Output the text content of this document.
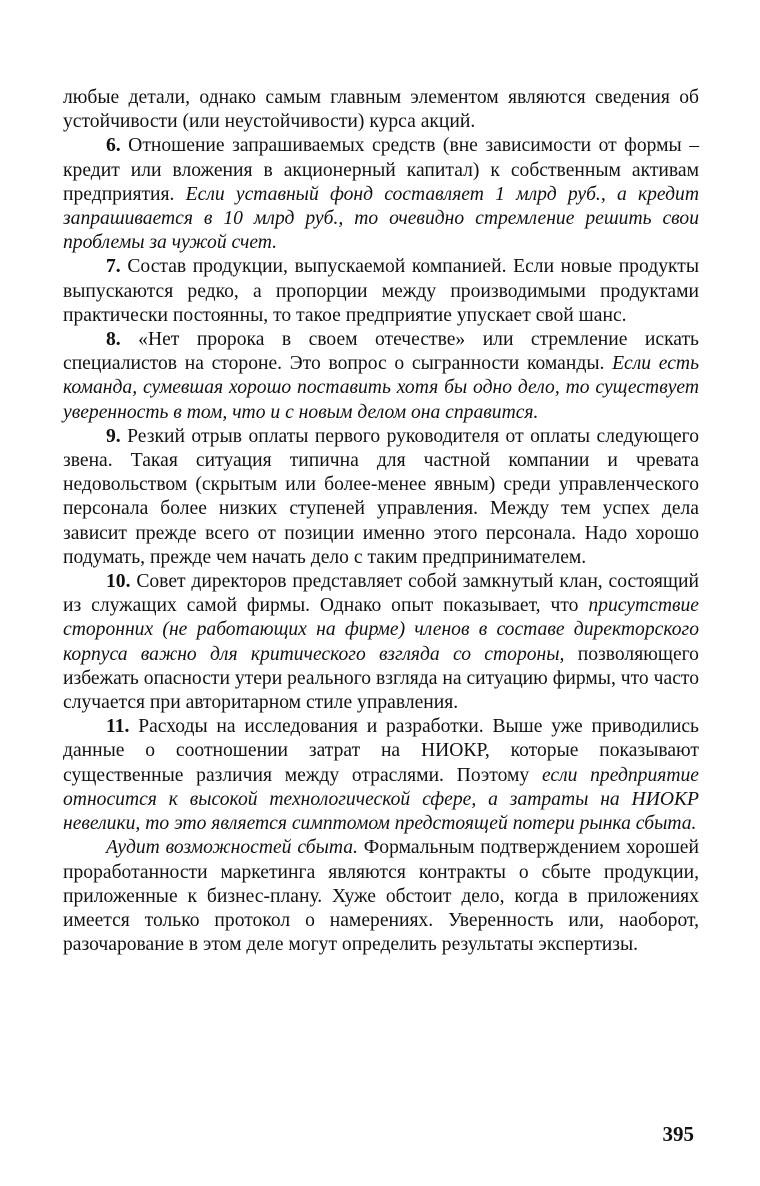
любые детали, однако самым главным элементом являются сведения об устойчивости (или неустойчивости) курса акций.

6. Отношение запрашиваемых средств (вне зависимости от формы – кредит или вложения в акционерный капитал) к собственным активам предприятия. Если уставный фонд составляет 1 млрд руб., а кредит запрашивается в 10 млрд руб., то очевидно стремление решить свои проблемы за чужой счет.

7. Состав продукции, выпускаемой компанией. Если новые продукты выпускаются редко, а пропорции между производимыми продуктами практически постоянны, то такое предприятие упускает свой шанс.

8. «Нет пророка в своем отечестве» или стремление искать специалистов на стороне. Это вопрос о сыгранности команды. Если есть команда, сумевшая хорошо поставить хотя бы одно дело, то существует уверенность в том, что и с новым делом она справится.

9. Резкий отрыв оплаты первого руководителя от оплаты следующего звена. Такая ситуация типична для частной компании и чревата недовольством (скрытым или более-менее явным) среди управленческого персонала более низких ступеней управления. Между тем успех дела зависит прежде всего от позиции именно этого персонала. Надо хорошо подумать, прежде чем начать дело с таким предпринимателем.

10. Совет директоров представляет собой замкнутый клан, состоящий из служащих самой фирмы. Однако опыт показывает, что присутствие сторонних (не работающих на фирме) членов в составе директорского корпуса важно для критического взгляда со стороны, позволяющего избежать опасности утери реального взгляда на ситуацию фирмы, что часто случается при авторитарном стиле управления.

11. Расходы на исследования и разработки. Выше уже приводились данные о соотношении затрат на НИОКР, которые показывают существенные различия между отраслями. Поэтому если предприятие относится к высокой технологической сфере, а затраты на НИОКР невелики, то это является симптомом предстоящей потери рынка сбыта.

Аудит возможностей сбыта. Формальным подтверждением хорошей проработанности маркетинга являются контракты о сбыте продукции, приложенные к бизнес-плану. Хуже обстоит дело, когда в приложениях имеется только протокол о намерениях. Уверенность или, наоборот, разочарование в этом деле могут определить результаты экспертизы.

395
